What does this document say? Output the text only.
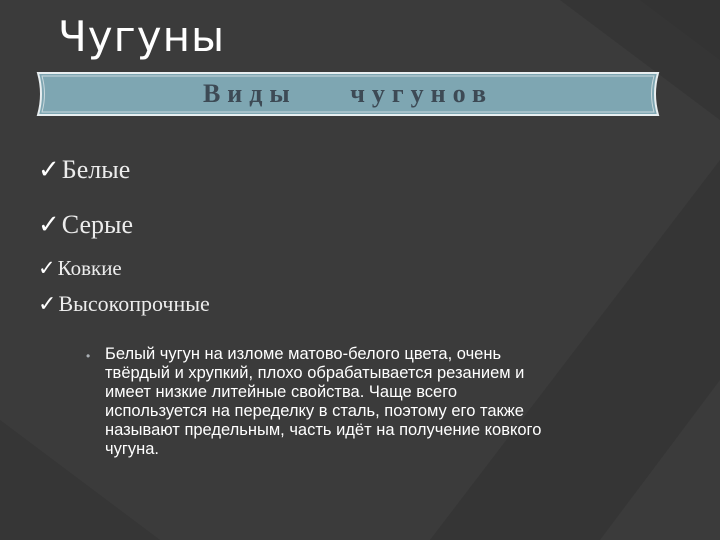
Чугуны
Виды чугунов
✓Белые
✓Серые
✓Ковкие
✓Высокопрочные
• Белый чугун на изломе матово-белого цвета, очень твёрдый и хрупкий, плохо обрабатывается резанием и имеет низкие литейные свойства. Чаще всего используется на переделку в сталь, поэтому его также называют предельным, часть идёт на получение ковкого чугуна.
